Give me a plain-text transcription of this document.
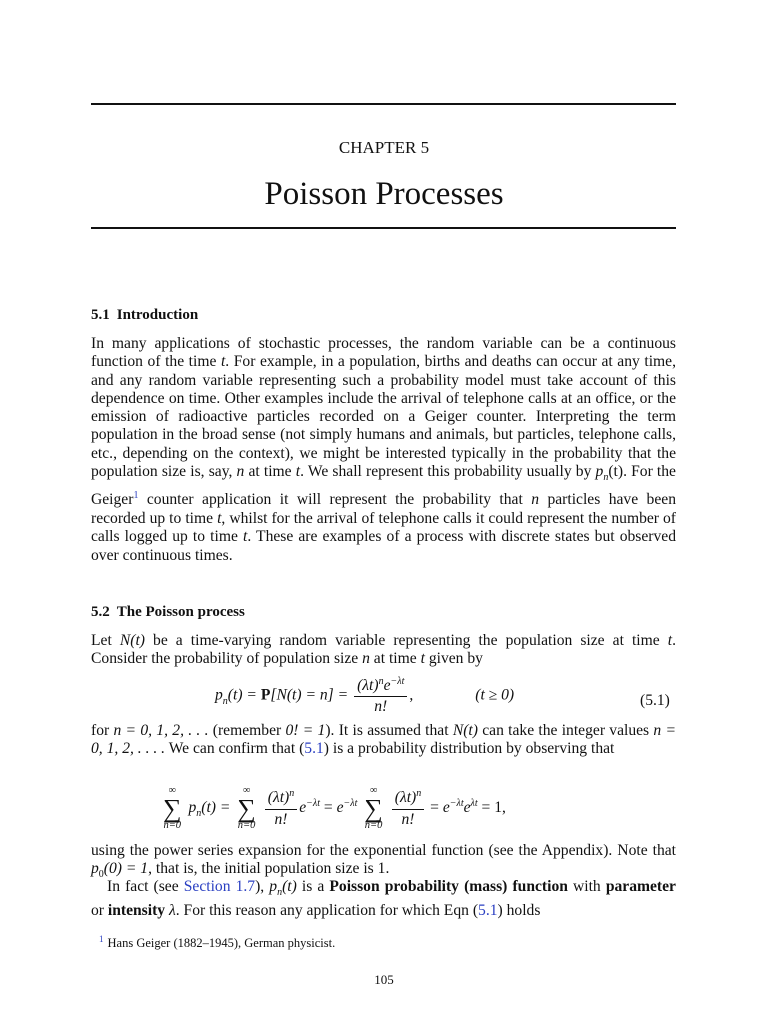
CHAPTER 5
Poisson Processes
5.1 Introduction

In many applications of stochastic processes, the random variable can be a continuous function of the time t. For example, in a population, births and deaths can occur at any time, and any random variable representing such a probability model must take account of this dependence on time. Other examples include the arrival of telephone calls at an office, or the emission of radioactive particles recorded on a Geiger counter. Interpreting the term population in the broad sense (not simply humans and animals, but particles, telephone calls, etc., depending on the context), we might be interested typically in the probability that the population size is, say, n at time t. We shall represent this probability usually by $p_n(t)$. For the Geiger$^1$ counter application it will represent the probability that n particles have been recorded up to time t, whilst for the arrival of telephone calls it could represent the number of calls logged up to time t. These are examples of a process with discrete states but observed over continuous times.

5.2 The Poisson process

Let N(t) be a time-varying random variable representing the population size at time t. Consider the probability of population size n at time t given by

$p_n(t) = P[N(t) = n] = \frac{(\lambda t)^ne^{-\lambda t}}{n!}$ ,	(t ≥ 0)	(5.1)

for n = 0, 1, 2, . . . (remember 0! = 1). It is assumed that N(t) can take the integer values n = 0, 1, 2, . . . . We can confirm that (5.1) is a probability distribution by observing that

∞
∑
n=0
$p_n(t)$ =
∞
∑
n=0
$\frac{(\lambda t)^n}{n!} e^{-\lambda t} = e^{-\lambda t}$
∞
∑
n=0
$\frac{(\lambda t)^n}{n!} = e^{-\lambda t}e^{\lambda t} = 1$,

using the power series expansion for the exponential function (see the Appendix). Note that $p_0(0) = 1$, that is, the initial population size is 1.

In fact (see Section 1.7), $p_n(t)$ is a Poisson probability (mass) function with parameter or intensity λ. For this reason any application for which Eqn (5.1) holds

$^1$ Hans Geiger (1882–1945), German physicist.
105
